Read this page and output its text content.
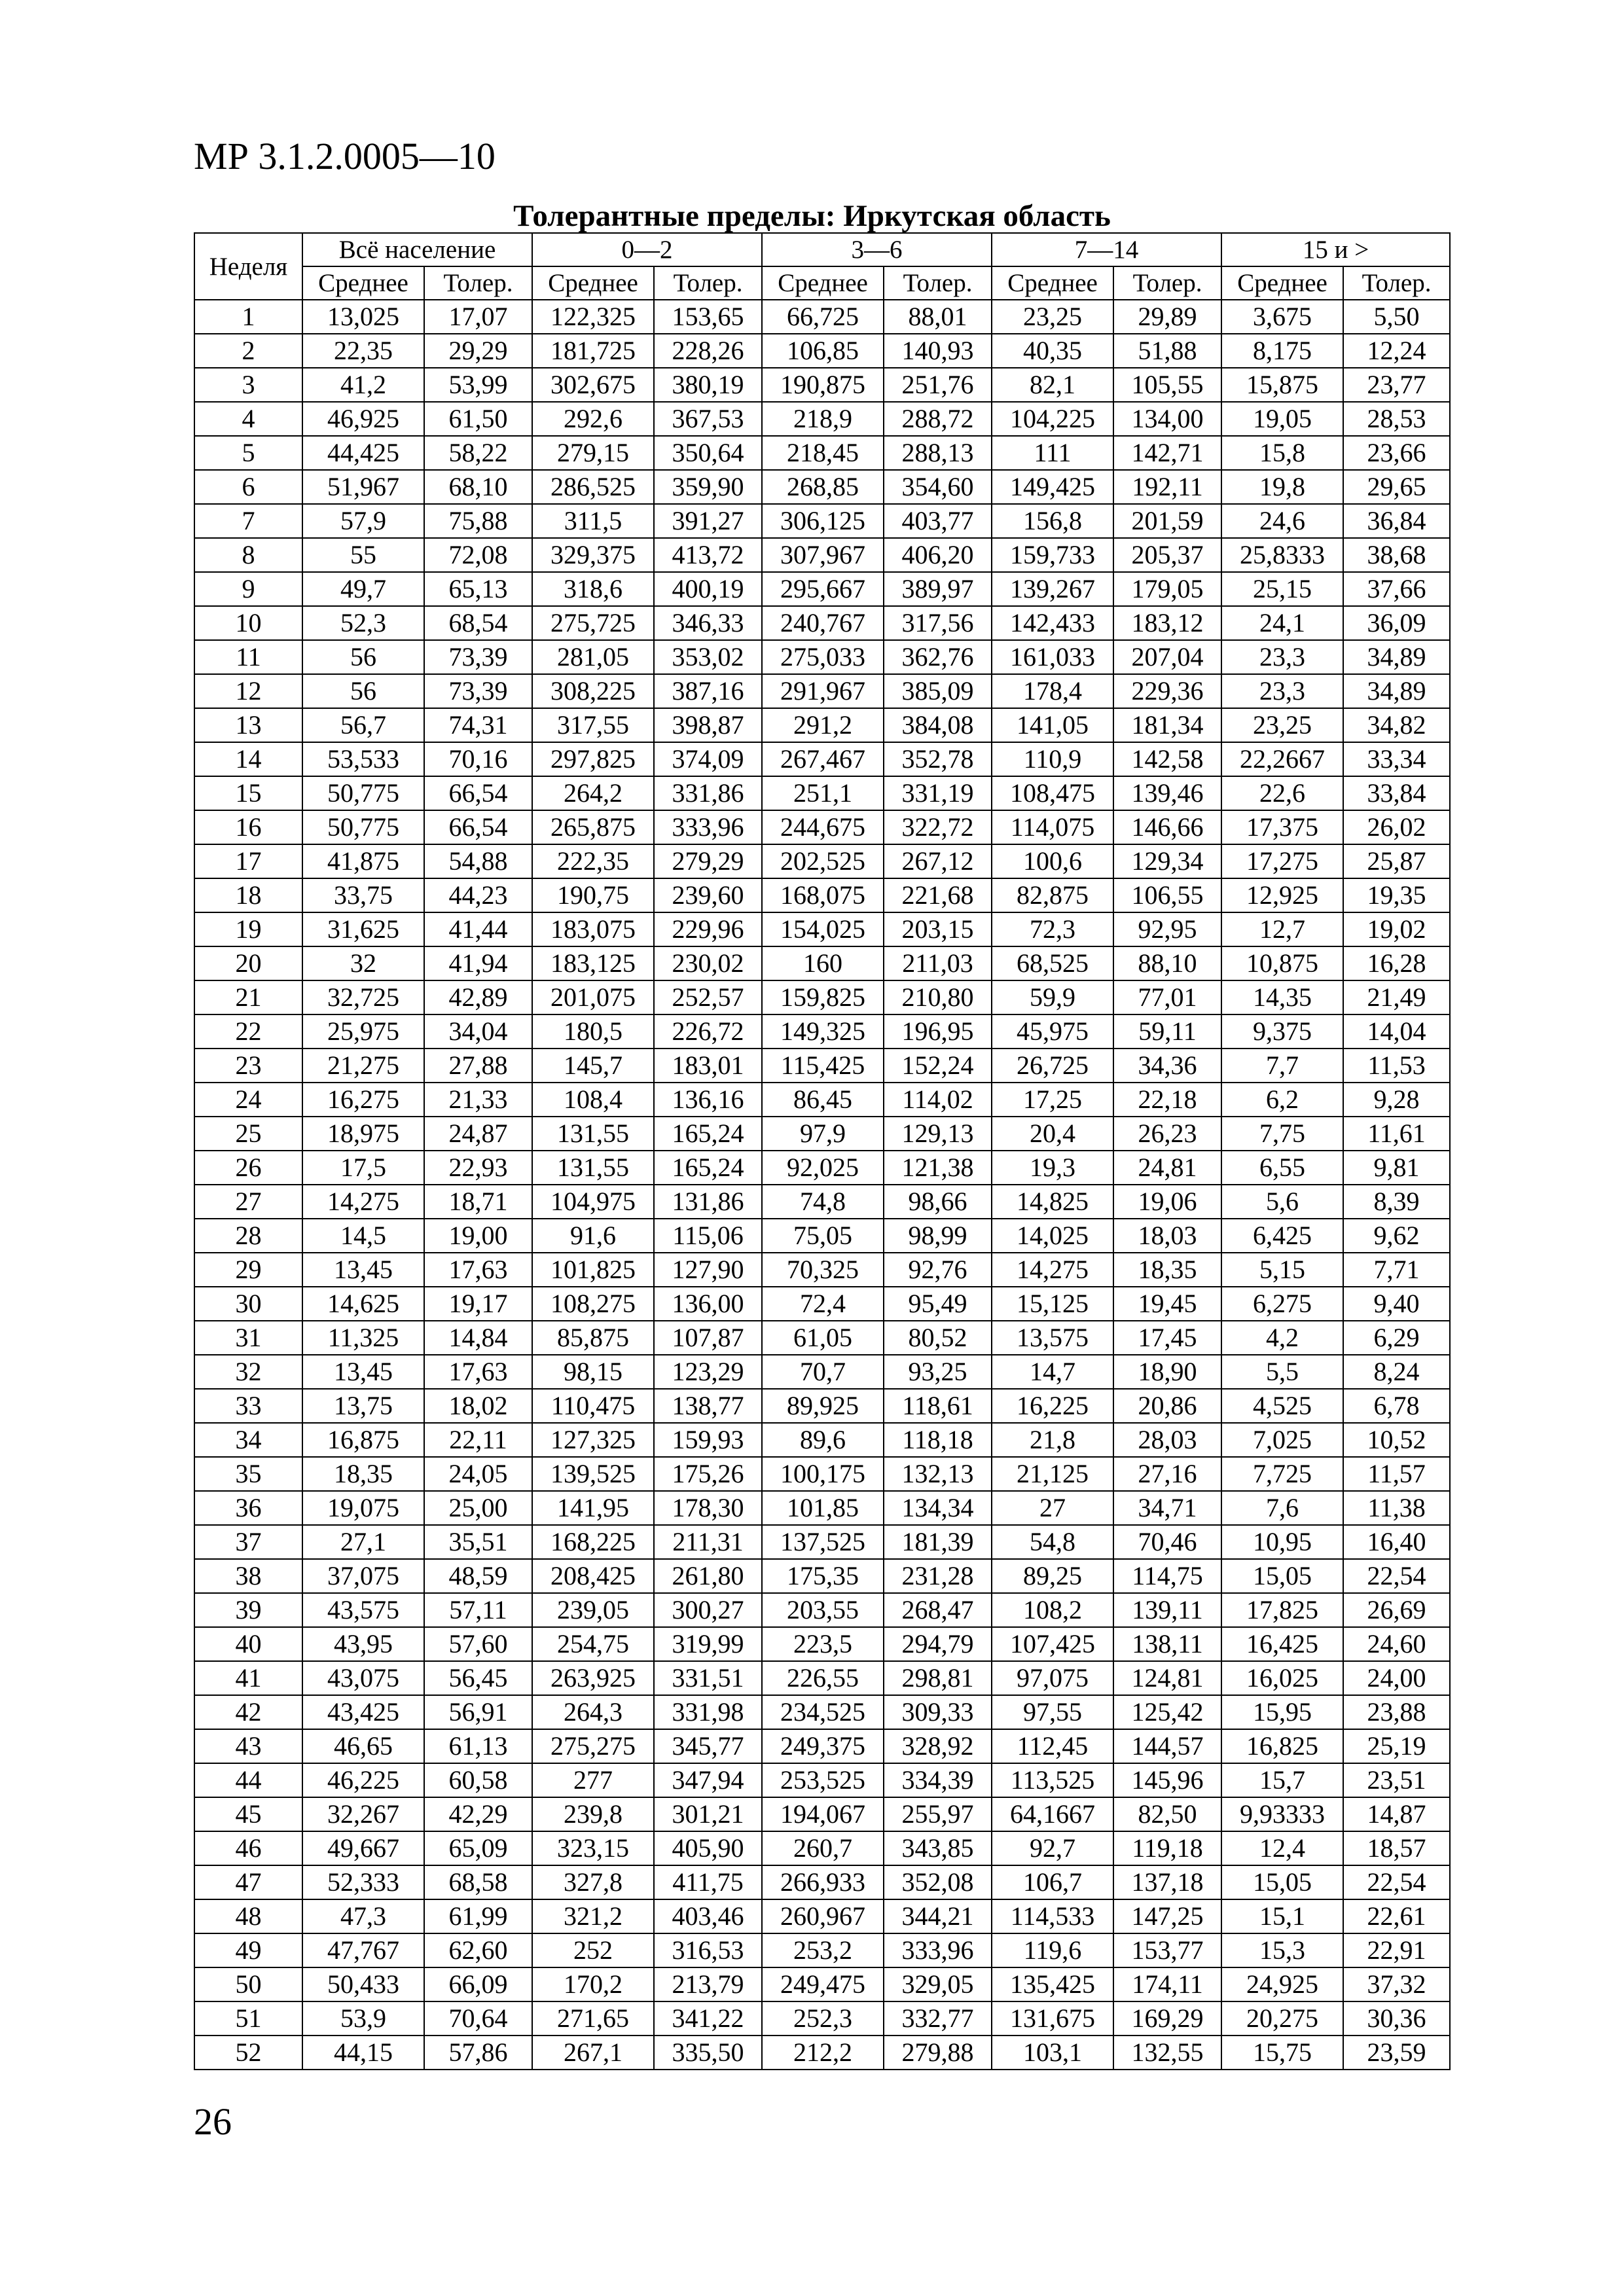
МР 3.1.2.0005—10
Толерантные пределы: Иркутская область
Неделя	Всё население		0—2		3—6		7—14		15 и >	
	Среднее	Толер.	Среднее	Толер.	Среднее	Толер.	Среднее	Толер.	Среднее	Толер.
1	13,025	17,07	122,325	153,65	66,725	88,01	23,25	29,89	3,675	5,50
2	22,35	29,29	181,725	228,26	106,85	140,93	40,35	51,88	8,175	12,24
3	41,2	53,99	302,675	380,19	190,875	251,76	82,1	105,55	15,875	23,77
4	46,925	61,50	292,6	367,53	218,9	288,72	104,225	134,00	19,05	28,53
5	44,425	58,22	279,15	350,64	218,45	288,13	111	142,71	15,8	23,66
6	51,967	68,10	286,525	359,90	268,85	354,60	149,425	192,11	19,8	29,65
7	57,9	75,88	311,5	391,27	306,125	403,77	156,8	201,59	24,6	36,84
8	55	72,08	329,375	413,72	307,967	406,20	159,733	205,37	25,8333	38,68
9	49,7	65,13	318,6	400,19	295,667	389,97	139,267	179,05	25,15	37,66
10	52,3	68,54	275,725	346,33	240,767	317,56	142,433	183,12	24,1	36,09
11	56	73,39	281,05	353,02	275,033	362,76	161,033	207,04	23,3	34,89
12	56	73,39	308,225	387,16	291,967	385,09	178,4	229,36	23,3	34,89
13	56,7	74,31	317,55	398,87	291,2	384,08	141,05	181,34	23,25	34,82
14	53,533	70,16	297,825	374,09	267,467	352,78	110,9	142,58	22,2667	33,34
15	50,775	66,54	264,2	331,86	251,1	331,19	108,475	139,46	22,6	33,84
16	50,775	66,54	265,875	333,96	244,675	322,72	114,075	146,66	17,375	26,02
17	41,875	54,88	222,35	279,29	202,525	267,12	100,6	129,34	17,275	25,87
18	33,75	44,23	190,75	239,60	168,075	221,68	82,875	106,55	12,925	19,35
19	31,625	41,44	183,075	229,96	154,025	203,15	72,3	92,95	12,7	19,02
20	32	41,94	183,125	230,02	160	211,03	68,525	88,10	10,875	16,28
21	32,725	42,89	201,075	252,57	159,825	210,80	59,9	77,01	14,35	21,49
22	25,975	34,04	180,5	226,72	149,325	196,95	45,975	59,11	9,375	14,04
23	21,275	27,88	145,7	183,01	115,425	152,24	26,725	34,36	7,7	11,53
24	16,275	21,33	108,4	136,16	86,45	114,02	17,25	22,18	6,2	9,28
25	18,975	24,87	131,55	165,24	97,9	129,13	20,4	26,23	7,75	11,61
26	17,5	22,93	131,55	165,24	92,025	121,38	19,3	24,81	6,55	9,81
27	14,275	18,71	104,975	131,86	74,8	98,66	14,825	19,06	5,6	8,39
28	14,5	19,00	91,6	115,06	75,05	98,99	14,025	18,03	6,425	9,62
29	13,45	17,63	101,825	127,90	70,325	92,76	14,275	18,35	5,15	7,71
30	14,625	19,17	108,275	136,00	72,4	95,49	15,125	19,45	6,275	9,40
31	11,325	14,84	85,875	107,87	61,05	80,52	13,575	17,45	4,2	6,29
32	13,45	17,63	98,15	123,29	70,7	93,25	14,7	18,90	5,5	8,24
33	13,75	18,02	110,475	138,77	89,925	118,61	16,225	20,86	4,525	6,78
34	16,875	22,11	127,325	159,93	89,6	118,18	21,8	28,03	7,025	10,52
35	18,35	24,05	139,525	175,26	100,175	132,13	21,125	27,16	7,725	11,57
36	19,075	25,00	141,95	178,30	101,85	134,34	27	34,71	7,6	11,38
37	27,1	35,51	168,225	211,31	137,525	181,39	54,8	70,46	10,95	16,40
38	37,075	48,59	208,425	261,80	175,35	231,28	89,25	114,75	15,05	22,54
39	43,575	57,11	239,05	300,27	203,55	268,47	108,2	139,11	17,825	26,69
40	43,95	57,60	254,75	319,99	223,5	294,79	107,425	138,11	16,425	24,60
41	43,075	56,45	263,925	331,51	226,55	298,81	97,075	124,81	16,025	24,00
42	43,425	56,91	264,3	331,98	234,525	309,33	97,55	125,42	15,95	23,88
43	46,65	61,13	275,275	345,77	249,375	328,92	112,45	144,57	16,825	25,19
44	46,225	60,58	277	347,94	253,525	334,39	113,525	145,96	15,7	23,51
45	32,267	42,29	239,8	301,21	194,067	255,97	64,1667	82,50	9,93333	14,87
46	49,667	65,09	323,15	405,90	260,7	343,85	92,7	119,18	12,4	18,57
47	52,333	68,58	327,8	411,75	266,933	352,08	106,7	137,18	15,05	22,54
48	47,3	61,99	321,2	403,46	260,967	344,21	114,533	147,25	15,1	22,61
49	47,767	62,60	252	316,53	253,2	333,96	119,6	153,77	15,3	22,91
50	50,433	66,09	170,2	213,79	249,475	329,05	135,425	174,11	24,925	37,32
51	53,9	70,64	271,65	341,22	252,3	332,77	131,675	169,29	20,275	30,36
52	44,15	57,86	267,1	335,50	212,2	279,88	103,1	132,55	15,75	23,59
26
